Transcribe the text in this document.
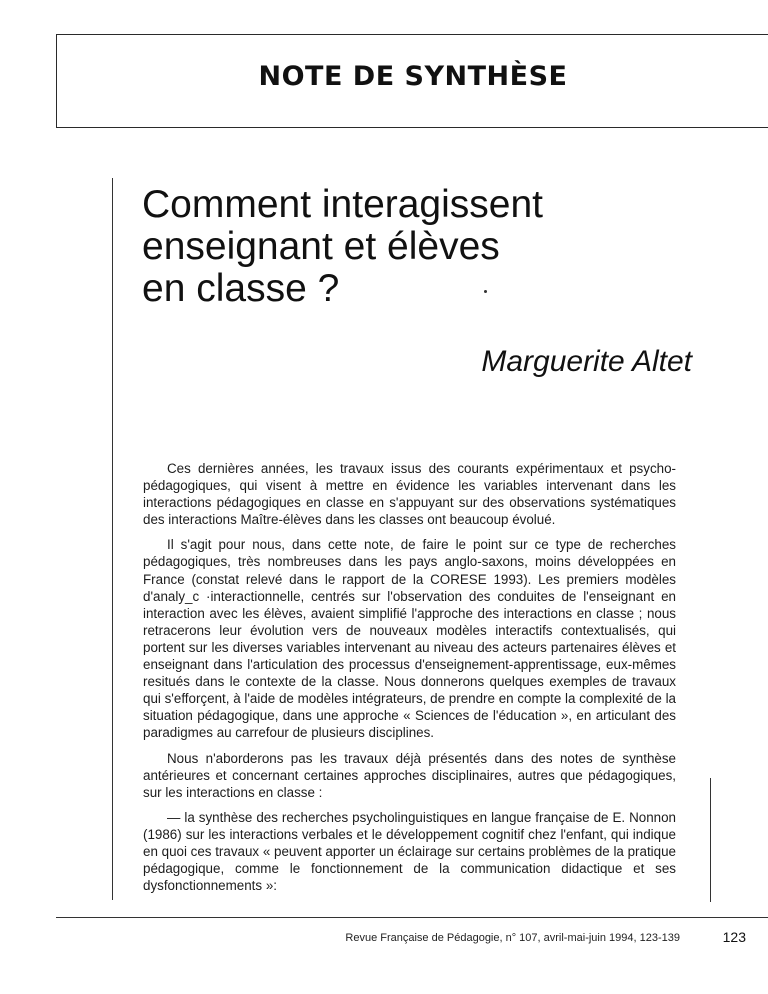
NOTE DE SYNTHÈSE
Comment interagissent
enseignant et élèves
en classe ?
Marguerite Altet

Ces dernières années, les travaux issus des courants expérimentaux et psycho-pédagogiques, qui visent à mettre en évidence les variables intervenant dans les interactions pédagogiques en classe en s'appuyant sur des observations systématiques des interactions Maître-élèves dans les classes ont beaucoup évolué.

Il s'agit pour nous, dans cette note, de faire le point sur ce type de recherches pédagogiques, très nombreuses dans les pays anglo-saxons, moins développées en France (constat relevé dans le rapport de la CORESE 1993). Les premiers modèles d'analy_c ·interactionnelle, centrés sur l'observation des conduites de l'enseignant en interaction avec les élèves, avaient simplifié l'approche des interactions en classe ; nous retracerons leur évolution vers de nouveaux modèles interactifs contextualisés, qui portent sur les diverses variables intervenant au niveau des acteurs partenaires élèves et enseignant dans l'articulation des processus d'enseignement-apprentissage, eux-mêmes resitués dans le contexte de la classe. Nous donnerons quelques exemples de travaux qui s'efforçent, à l'aide de modèles intégrateurs, de prendre en compte la complexité de la situation pédagogique, dans une approche « Sciences de l'éducation », en articulant des paradigmes au carrefour de plusieurs disciplines.

Nous n'aborderons pas les travaux déjà présentés dans des notes de synthèse antérieures et concernant certaines approches disciplinaires, autres que pédagogiques, sur les interactions en classe :

— la synthèse des recherches psycholinguistiques en langue française de E. Nonnon (1986) sur les interactions verbales et le développement cognitif chez l'enfant, qui indique en quoi ces travaux « peuvent apporter un éclairage sur certains problèmes de la pratique pédagogique, comme le fonctionnement de la communication didactique et ses dysfonctionnements »:

Revue Française de Pédagogie, n° 107, avril-mai-juin 1994, 123-139	123
